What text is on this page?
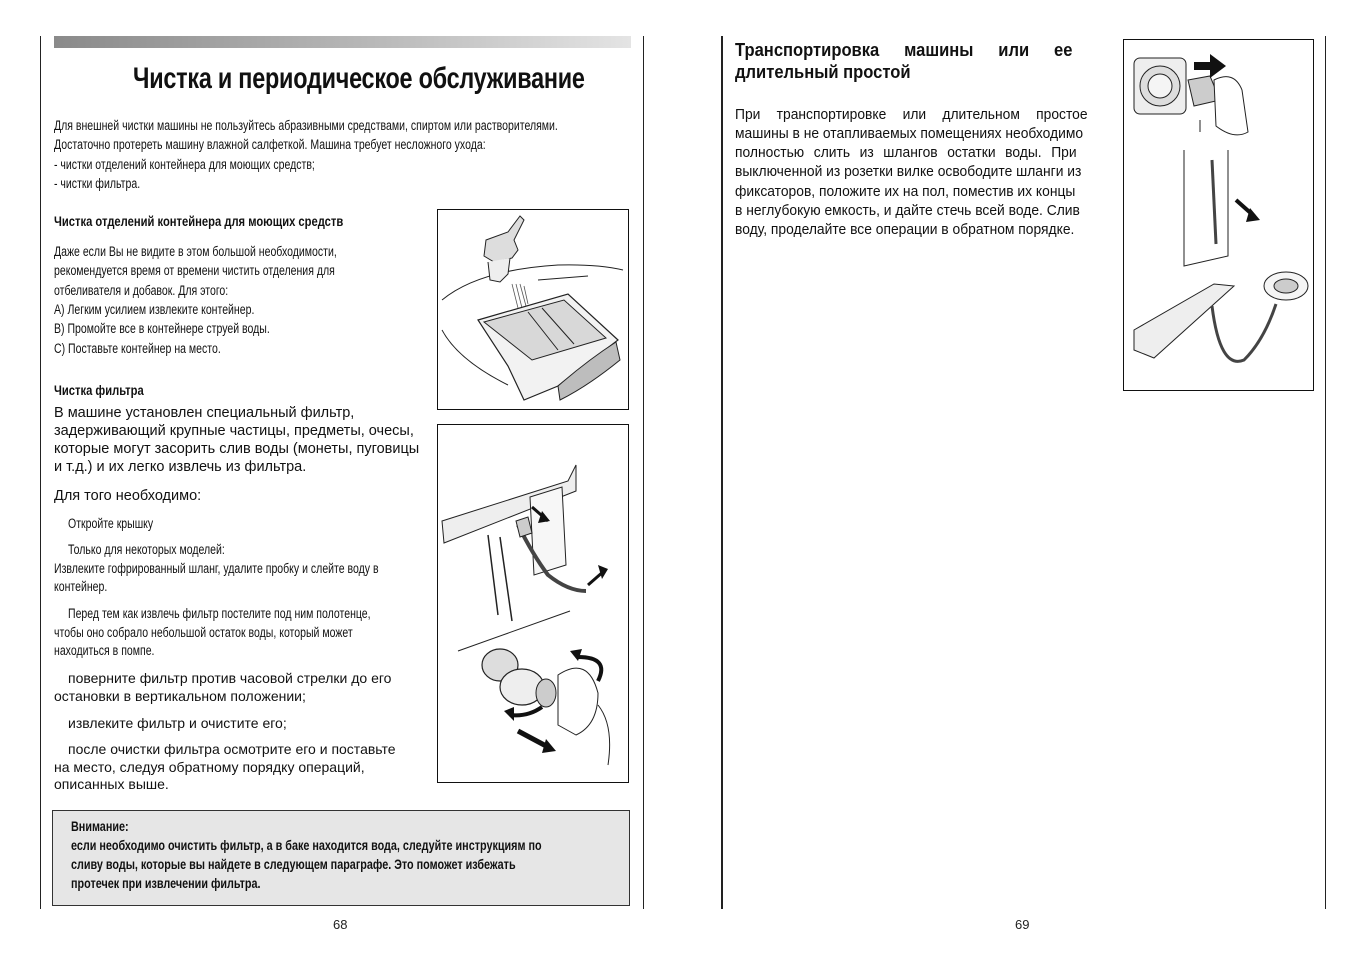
Чистка и периодическое обслуживание
Для внешней чистки машины не пользуйтесь абразивными средствами, спиртом или растворителями.
Достаточно протереть машину влажной салфеткой. Машина требует несложного ухода:
- чистки отделений контейнера для моющих средств;
- чистки фильтра.
Чистка отделений контейнера для моющих средств
Даже если Вы не видите в этом большой необходимости,
рекомендуется время от времени чистить отделения для
отбеливателя и добавок. Для этого:
A) Легким усилием извлеките контейнер.
B) Промойте все в контейнере струей воды.
C) Поставьте контейнер на место.
Чистка фильтра
В машине установлен специальный фильтр,
задерживающий крупные частицы, предметы, очесы,
которые могут засорить слив воды (монеты, пуговицы
и т.д.) и их легко извлечь из фильтра.
Для того необходимо:
Откройте крышку
Только для некоторых моделей:
Извлеките гофрированный шланг, удалите пробку и слейте воду в
контейнер.
Перед тем как извлечь фильтр постелите под ним полотенце,
чтобы оно собрало небольшой остаток воды, который может
находиться в помпе.
поверните фильтр против часовой стрелки до его
остановки в вертикальном положении;
извлеките фильтр и очистите его;
после очистки фильтра осмотрите его и поставьте
на место, следуя обратному порядку операций,
описанных выше.
Внимание:
если необходимо очистить фильтр, а в баке находится вода, следуйте инструкциям по
сливу воды, которые вы найдете в следующем параграфе. Это поможет избежать
протечек при извлечении фильтра.
68
Транспортировка машины или ее
длительный простой
При транспортировке или длительном простое
машины в не отапливаемых помещениях необходимо
полностью слить из шлангов остатки воды. При
выключенной из розетки вилке освободите шланги из
фиксаторов, положите их на пол, поместив их концы
в неглубокую емкость, и дайте стечь всей воде. Слив
воду, проделайте все операции в обратном порядке.
69
